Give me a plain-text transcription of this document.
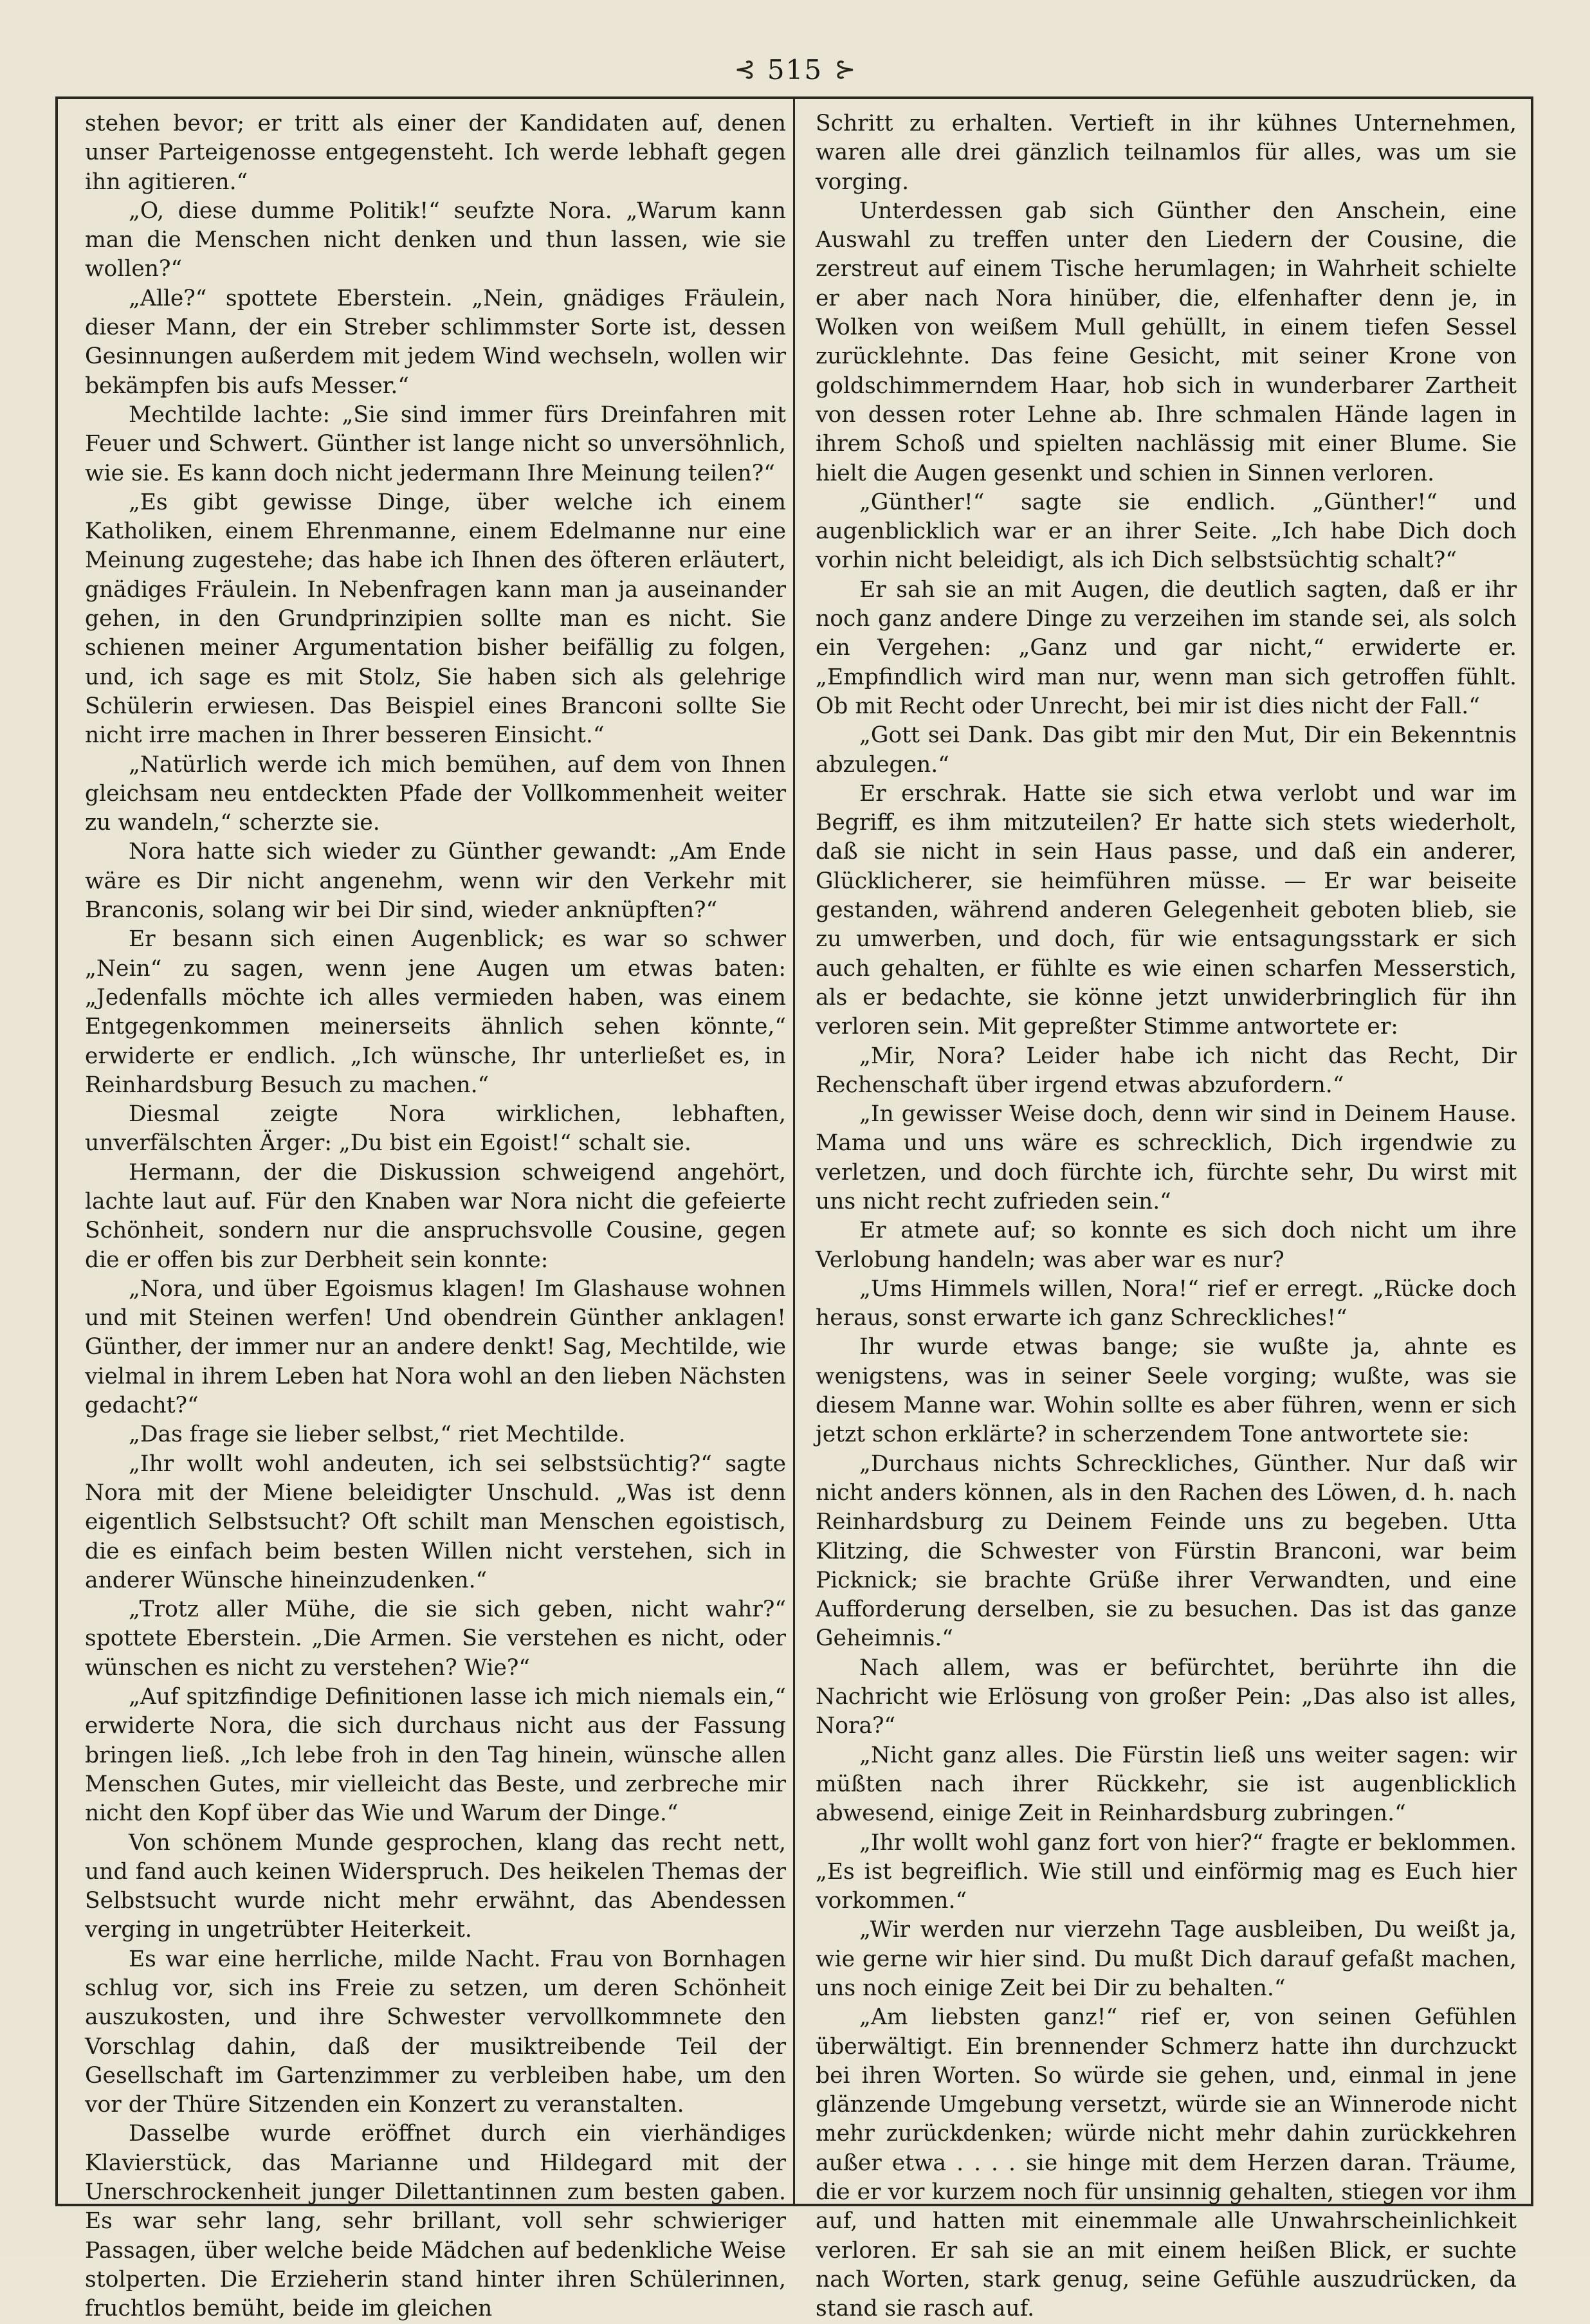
⊰ 515 ⊱

stehen bevor; er tritt als einer der Kandidaten auf, denen unser Parteigenosse entgegensteht. Ich werde lebhaft gegen ihn agitieren.“

„O, diese dumme Politik!“ seufzte Nora. „Warum kann man die Menschen nicht denken und thun lassen, wie sie wollen?“

„Alle?“ spottete Eberstein. „Nein, gnädiges Fräulein, dieser Mann, der ein Streber schlimmster Sorte ist, dessen Gesinnungen außerdem mit jedem Wind wechseln, wollen wir bekämpfen bis aufs Messer.“

Mechtilde lachte: „Sie sind immer fürs Dreinfahren mit Feuer und Schwert. Günther ist lange nicht so unversöhnlich, wie sie. Es kann doch nicht jedermann Ihre Meinung teilen?“

„Es gibt gewisse Dinge, über welche ich einem Katholiken, einem Ehrenmanne, einem Edelmanne nur eine Meinung zugestehe; das habe ich Ihnen des öfteren erläutert, gnädiges Fräulein. In Nebenfragen kann man ja auseinander gehen, in den Grundprinzipien sollte man es nicht. Sie schienen meiner Argumentation bisher beifällig zu folgen, und, ich sage es mit Stolz, Sie haben sich als gelehrige Schülerin erwiesen. Das Beispiel eines Branconi sollte Sie nicht irre machen in Ihrer besseren Einsicht.“

„Natürlich werde ich mich bemühen, auf dem von Ihnen gleichsam neu entdeckten Pfade der Vollkommenheit weiter zu wandeln,“ scherzte sie.

Nora hatte sich wieder zu Günther gewandt: „Am Ende wäre es Dir nicht angenehm, wenn wir den Verkehr mit Branconis, solang wir bei Dir sind, wieder anknüpften?“

Er besann sich einen Augenblick; es war so schwer „Nein“ zu sagen, wenn jene Augen um etwas baten: „Jedenfalls möchte ich alles vermieden haben, was einem Entgegenkommen meinerseits ähnlich sehen könnte,“ erwiderte er endlich. „Ich wünsche, Ihr unterließet es, in Reinhardsburg Besuch zu machen.“

Diesmal zeigte Nora wirklichen, lebhaften, unverfälschten Ärger: „Du bist ein Egoist!“ schalt sie.

Hermann, der die Diskussion schweigend angehört, lachte laut auf. Für den Knaben war Nora nicht die gefeierte Schönheit, sondern nur die anspruchsvolle Cousine, gegen die er offen bis zur Derbheit sein konnte:

„Nora, und über Egoismus klagen! Im Glashause wohnen und mit Steinen werfen! Und obendrein Günther anklagen! Günther, der immer nur an andere denkt! Sag, Mechtilde, wie vielmal in ihrem Leben hat Nora wohl an den lieben Nächsten gedacht?“

„Das frage sie lieber selbst,“ riet Mechtilde.

„Ihr wollt wohl andeuten, ich sei selbstsüchtig?“ sagte Nora mit der Miene beleidigter Unschuld. „Was ist denn eigentlich Selbstsucht? Oft schilt man Menschen egoistisch, die es einfach beim besten Willen nicht verstehen, sich in anderer Wünsche hineinzudenken.“

„Trotz aller Mühe, die sie sich geben, nicht wahr?“ spottete Eberstein. „Die Armen. Sie verstehen es nicht, oder wünschen es nicht zu verstehen? Wie?“

„Auf spitzfindige Definitionen lasse ich mich niemals ein,“ erwiderte Nora, die sich durchaus nicht aus der Fassung bringen ließ. „Ich lebe froh in den Tag hinein, wünsche allen Menschen Gutes, mir vielleicht das Beste, und zerbreche mir nicht den Kopf über das Wie und Warum der Dinge.“

Von schönem Munde gesprochen, klang das recht nett, und fand auch keinen Widerspruch. Des heikelen Themas der Selbstsucht wurde nicht mehr erwähnt, das Abendessen verging in ungetrübter Heiterkeit.

Es war eine herrliche, milde Nacht. Frau von Bornhagen schlug vor, sich ins Freie zu setzen, um deren Schönheit auszukosten, und ihre Schwester vervollkommnete den Vorschlag dahin, daß der musiktreibende Teil der Gesellschaft im Gartenzimmer zu verbleiben habe, um den vor der Thüre Sitzenden ein Konzert zu veranstalten.

Dasselbe wurde eröffnet durch ein vierhändiges Klavierstück, das Marianne und Hildegard mit der Unerschrockenheit junger Dilettantinnen zum besten gaben. Es war sehr lang, sehr brillant, voll sehr schwieriger Passagen, über welche beide Mädchen auf bedenkliche Weise stolperten. Die Erzieherin stand hinter ihren Schülerinnen, fruchtlos bemüht, beide im gleichen

Schritt zu erhalten. Vertieft in ihr kühnes Unternehmen, waren alle drei gänzlich teilnamlos für alles, was um sie vorging.

Unterdessen gab sich Günther den Anschein, eine Auswahl zu treffen unter den Liedern der Cousine, die zerstreut auf einem Tische herumlagen; in Wahrheit schielte er aber nach Nora hinüber, die, elfenhafter denn je, in Wolken von weißem Mull gehüllt, in einem tiefen Sessel zurücklehnte. Das feine Gesicht, mit seiner Krone von goldschimmerndem Haar, hob sich in wunderbarer Zartheit von dessen roter Lehne ab. Ihre schmalen Hände lagen in ihrem Schoß und spielten nachlässig mit einer Blume. Sie hielt die Augen gesenkt und schien in Sinnen verloren.

„Günther!“ sagte sie endlich. „Günther!“ und augenblicklich war er an ihrer Seite. „Ich habe Dich doch vorhin nicht beleidigt, als ich Dich selbstsüchtig schalt?“

Er sah sie an mit Augen, die deutlich sagten, daß er ihr noch ganz andere Dinge zu verzeihen im stande sei, als solch ein Vergehen: „Ganz und gar nicht,“ erwiderte er. „Empfindlich wird man nur, wenn man sich getroffen fühlt. Ob mit Recht oder Unrecht, bei mir ist dies nicht der Fall.“

„Gott sei Dank. Das gibt mir den Mut, Dir ein Bekenntnis abzulegen.“

Er erschrak. Hatte sie sich etwa verlobt und war im Begriff, es ihm mitzuteilen? Er hatte sich stets wiederholt, daß sie nicht in sein Haus passe, und daß ein anderer, Glücklicherer, sie heimführen müsse. — Er war beiseite gestanden, während anderen Gelegenheit geboten blieb, sie zu umwerben, und doch, für wie entsagungsstark er sich auch gehalten, er fühlte es wie einen scharfen Messerstich, als er bedachte, sie könne jetzt unwiderbringlich für ihn verloren sein. Mit gepreßter Stimme antwortete er:

„Mir, Nora? Leider habe ich nicht das Recht, Dir Rechenschaft über irgend etwas abzufordern.“

„In gewisser Weise doch, denn wir sind in Deinem Hause. Mama und uns wäre es schrecklich, Dich irgendwie zu verletzen, und doch fürchte ich, fürchte sehr, Du wirst mit uns nicht recht zufrieden sein.“

Er atmete auf; so konnte es sich doch nicht um ihre Verlobung handeln; was aber war es nur?

„Ums Himmels willen, Nora!“ rief er erregt. „Rücke doch heraus, sonst erwarte ich ganz Schreckliches!“

Ihr wurde etwas bange; sie wußte ja, ahnte es wenigstens, was in seiner Seele vorging; wußte, was sie diesem Manne war. Wohin sollte es aber führen, wenn er sich jetzt schon erklärte? in scherzendem Tone antwortete sie:

„Durchaus nichts Schreckliches, Günther. Nur daß wir nicht anders können, als in den Rachen des Löwen, d. h. nach Reinhardsburg zu Deinem Feinde uns zu begeben. Utta Klitzing, die Schwester von Fürstin Branconi, war beim Picknick; sie brachte Grüße ihrer Verwandten, und eine Aufforderung derselben, sie zu besuchen. Das ist das ganze Geheimnis.“

Nach allem, was er befürchtet, berührte ihn die Nachricht wie Erlösung von großer Pein: „Das also ist alles, Nora?“

„Nicht ganz alles. Die Fürstin ließ uns weiter sagen: wir müßten nach ihrer Rückkehr, sie ist augenblicklich abwesend, einige Zeit in Reinhardsburg zubringen.“

„Ihr wollt wohl ganz fort von hier?“ fragte er beklommen. „Es ist begreiflich. Wie still und einförmig mag es Euch hier vorkommen.“

„Wir werden nur vierzehn Tage ausbleiben, Du weißt ja, wie gerne wir hier sind. Du mußt Dich darauf gefaßt machen, uns noch einige Zeit bei Dir zu behalten.“

„Am liebsten ganz!“ rief er, von seinen Gefühlen überwältigt. Ein brennender Schmerz hatte ihn durchzuckt bei ihren Worten. So würde sie gehen, und, einmal in jene glänzende Umgebung versetzt, würde sie an Winnerode nicht mehr zurückdenken; würde nicht mehr dahin zurückkehren außer etwa . . . . sie hinge mit dem Herzen daran. Träume, die er vor kurzem noch für unsinnig gehalten, stiegen vor ihm auf, und hatten mit einemmale alle Unwahrscheinlichkeit verloren. Er sah sie an mit einem heißen Blick, er suchte nach Worten, stark genug, seine Gefühle auszudrücken, da stand sie rasch auf.
